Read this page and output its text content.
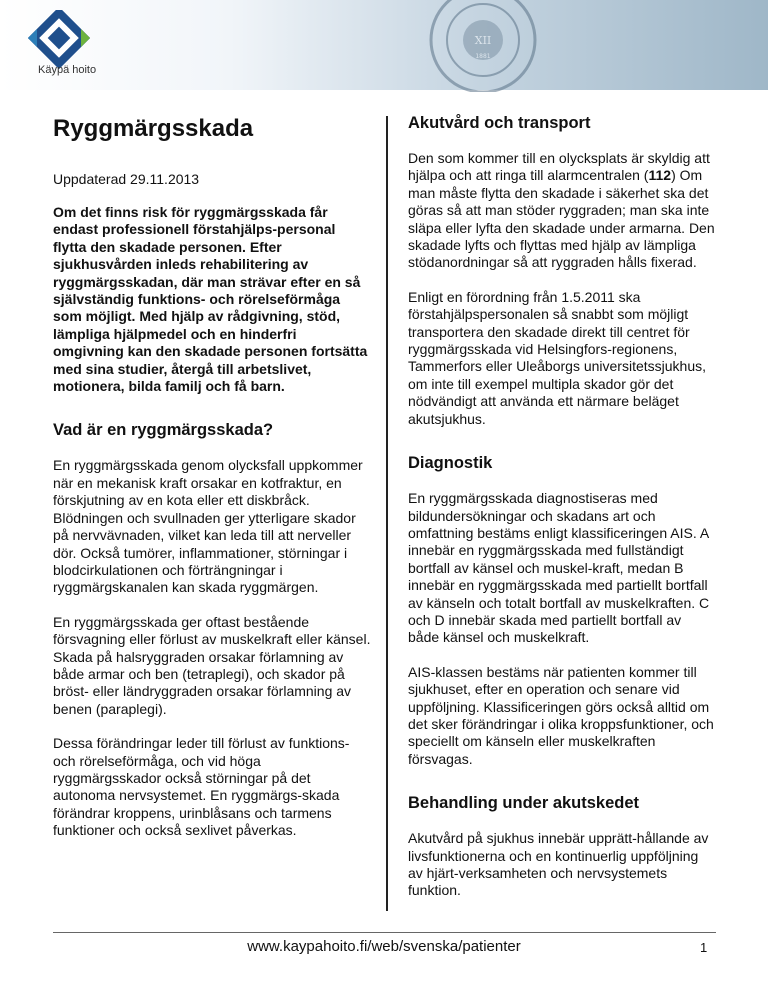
Käypä hoito
XII
1881
Ryggmärgsskada
Uppdaterad 29.11.2013

Om det finns risk för ryggmärgsskada får endast professionell förstahjälps-personal flytta den skadade personen. Efter sjukhusvården inleds rehabilitering av ryggmärgsskadan, där man strävar efter en så självständig funktions- och rörelseförmåga som möjligt. Med hjälp av rådgivning, stöd, lämpliga hjälpmedel och en hinderfri omgivning kan den skadade personen fortsätta med sina studier, återgå till arbetslivet, motionera, bilda familj och få barn.

Vad är en ryggmärgsskada?

En ryggmärgsskada genom olycksfall uppkommer när en mekanisk kraft orsakar en kotfraktur, en förskjutning av en kota eller ett diskbråck. Blödningen och svullnaden ger ytterligare skador på nervvävnaden, vilket kan leda till att nerveller dör. Också tumörer, inflammationer, störningar i blodcirkulationen och förträngningar i ryggmärgskanalen kan skada ryggmärgen.

En ryggmärgsskada ger oftast bestående försvagning eller förlust av muskelkraft eller känsel. Skada på halsryggraden orsakar förlamning av både armar och ben (tetraplegi), och skador på bröst- eller ländryggraden orsakar förlamning av benen (paraplegi).

Dessa förändringar leder till förlust av funktions- och rörelseförmåga, och vid höga ryggmärgsskador också störningar på det autonoma nervsystemet. En ryggmärgs-skada förändrar kroppens, urinblåsans och tarmens funktioner och också sexlivet påverkas.

Akutvård och transport

Den som kommer till en olycksplats är skyldig att hjälpa och att ringa till alarmcentralen (112) Om man måste flytta den skadade i säkerhet ska det göras så att man stöder ryggraden; man ska inte släpa eller lyfta den skadade under armarna. Den skadade lyfts och flyttas med hjälp av lämpliga stödanordningar så att ryggraden hålls fixerad.

Enligt en förordning från 1.5.2011 ska förstahjälpspersonalen så snabbt som möjligt transportera den skadade direkt till centret för ryggmärgsskada vid Helsingfors-regionens, Tammerfors eller Uleåborgs universitetssjukhus, om inte till exempel multipla skador gör det nödvändigt att använda ett närmare beläget akutsjukhus.

Diagnostik

En ryggmärgsskada diagnostiseras med bildundersökningar och skadans art och omfattning bestäms enligt klassificeringen AIS. A innebär en ryggmärgsskada med fullständigt bortfall av känsel och muskel-kraft, medan B innebär en ryggmärgsskada med partiellt bortfall av känseln och totalt bortfall av muskelkraften. C och D innebär skada med partiellt bortfall av både känsel och muskelkraft.

AIS-klassen bestäms när patienten kommer till sjukhuset, efter en operation och senare vid uppföljning. Klassificeringen görs också alltid om det sker förändringar i olika kroppsfunktioner, och speciellt om känseln eller muskelkraften försvagas.

Behandling under akutskedet

Akutvård på sjukhus innebär upprätt-hållande av livsfunktionerna och en kontinuerlig uppföljning av hjärt-verksamheten och nervsystemets funktion.

www.kaypahoito.fi/web/svenska/patienter	1
